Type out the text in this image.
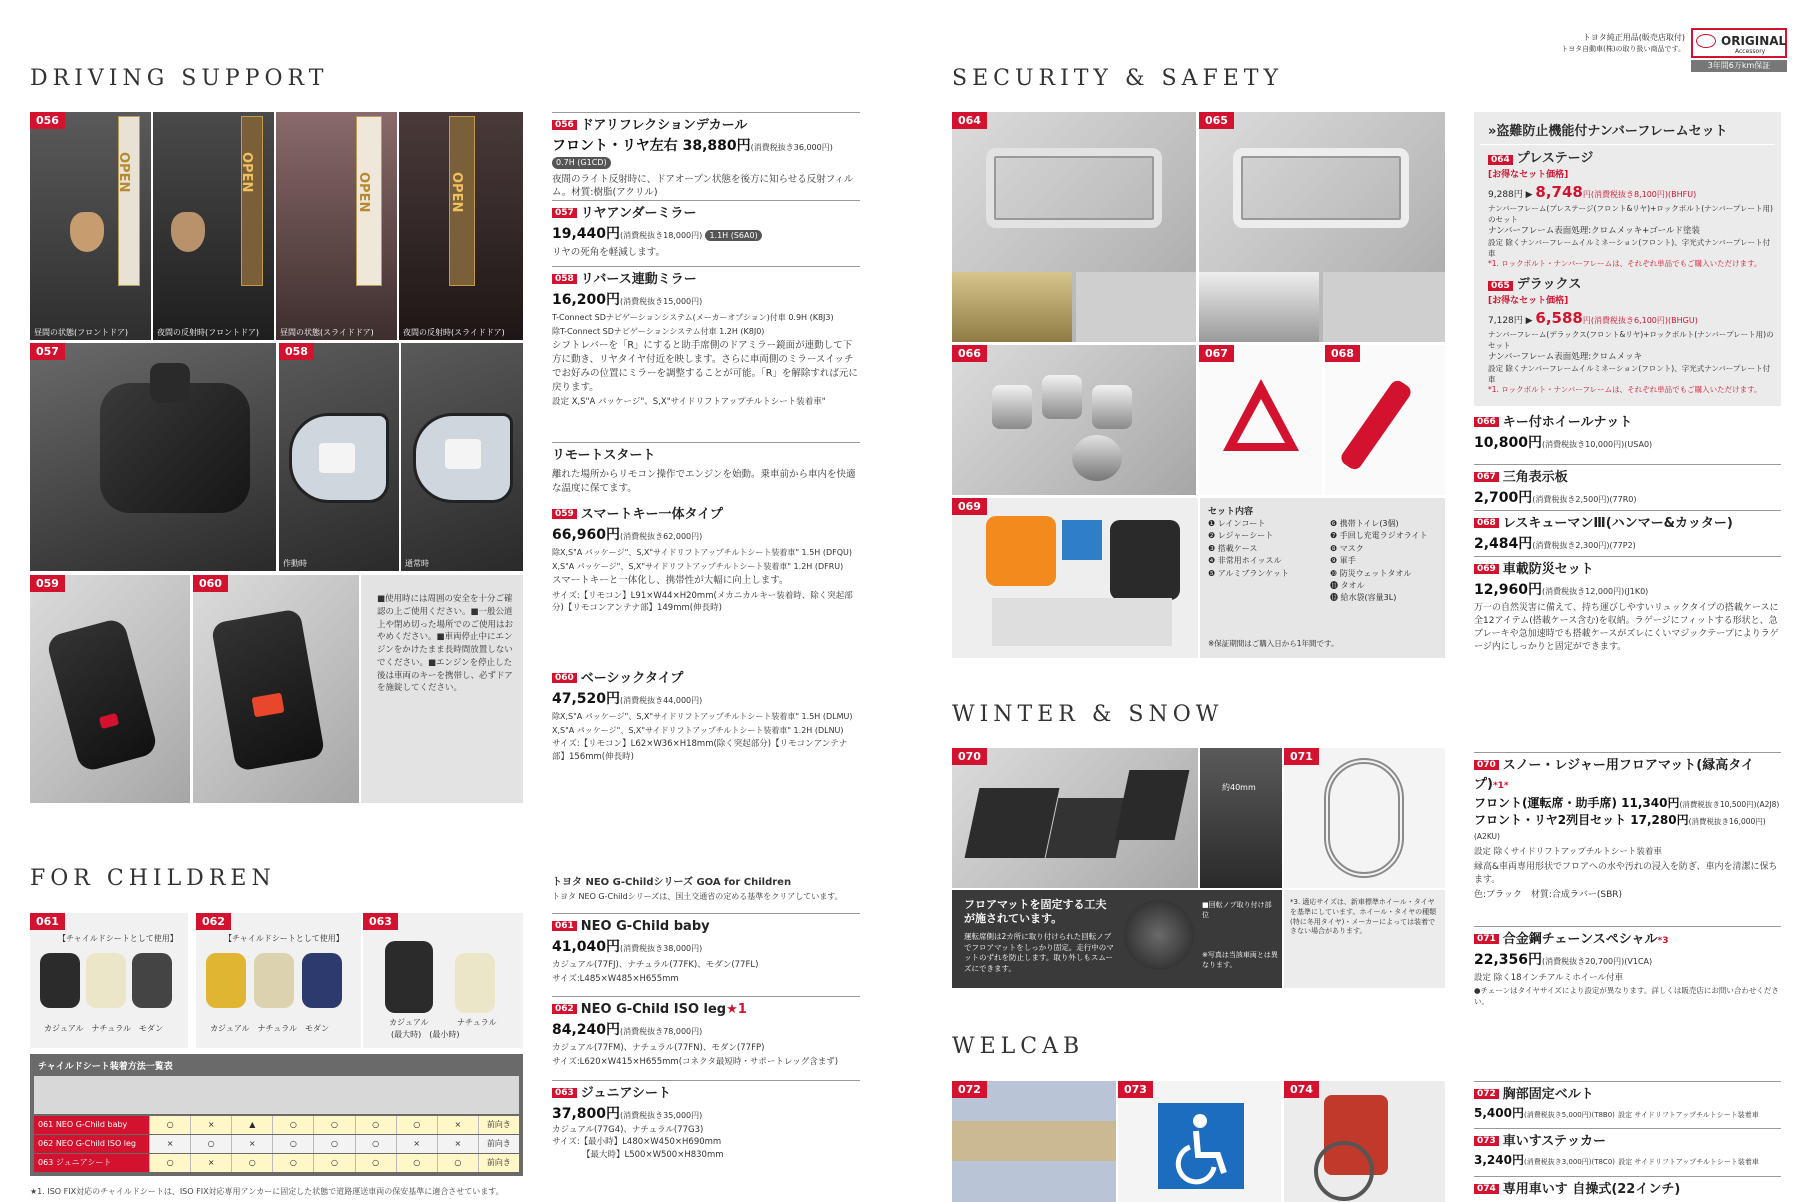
トヨタ純正用品(販売店取付)
トヨタ自動車(株)の取り扱い商品です。
ORIGINAL
Accessory
3年間6万km保証
DRIVING SUPPORT	SECURITY & SAFETY
FOR CHILDREN
WINTER & SNOW
WELCAB
OPEN
056
昼間の状態(フロントドア)
OPEN
夜間の反射時(フロントドア)
OPEN
昼間の状態(スライドドア)
OPEN
夜間の反射時(スライドドア)
057	058
作動時	通常時
059	060
■使用時には周囲の安全を十分ご確認の上ご使用ください。■一般公道上や閉め切った場所でのご使用はおやめください。■車両停止中にエンジンをかけたまま長時間放置しないでください。■エンジンを停止した後は車両のキーを携帯し、必ずドアを施錠してください。
【チャイルドシートとして使用】
カジュアル　ナチュラル　モダン
061
【チャイルドシートとして使用】
カジュアル　ナチュラル　モダン
062
カジュアル	ナチュラル
(最大時)　(最小時)
063
チャイルドシート装着方法一覧表
061 NEO G-Child baby	○	×	▲	○	○	○	○	×	前向き
062 NEO G-Child ISO leg	×	○	×	○	○	○	×	×	前向き
063 ジュニアシート	○	×	○	○	○	○	○	○	前向き
★1. ISO FIX対応のチャイルドシートは、ISO FIX対応専用アンカーに固定した状態で道路運送車両の保安基準に適合させています。
056 ドアリフレクションデカール
フロント・リヤ左右 38,880円(消費税抜き36,000円) 0.7H (G1CD)

夜間のライト反射時に、ドアオープン状態を後方に知らせる反射フィルム。材質:樹脂(アクリル)

057 リヤアンダーミラー
19,440円(消費税抜き18,000円) 1.1H (S6A0)

リヤの死角を軽減します。

058 リバース連動ミラー
16,200円(消費税抜き15,000円)

T-Connect SDナビゲーションシステム(メーカーオプション)付車 0.9H (K8J3)

除T-Connect SDナビゲーションシステム付車 1.2H (K8J0)

シフトレバーを「R」にすると助手席側のドアミラー鏡面が連動して下方に動き、リヤタイヤ付近を映します。さらに車両側のミラースイッチでお好みの位置にミラーを調整することが可能。「R」を解除すれば元に戻ります。

設定 X,S"A パッケージ"、S,X"サイドリフトアップチルトシート装着車"

リモートスタート

離れた場所からリモコン操作でエンジンを始動。乗車前から車内を快適な温度に保てます。

059 スマートキー一体タイプ
66,960円(消費税抜き62,000円)

除X,S"A パッケージ"、S,X"サイドリフトアップチルトシート装着車" 1.5H (DFQU)

X,S"A パッケージ"、S,X"サイドリフトアップチルトシート装着車" 1.2H (DFRU)

スマートキーと一体化し、携帯性が大幅に向上します。

サイズ:【リモコン】L91×W44×H20mm(メカニカルキー装着時、除く突起部分)【リモコンアンテナ部】149mm(伸長時)

060 ベーシックタイプ
47,520円(消費税抜き44,000円)

除X,S"A パッケージ"、S,X"サイドリフトアップチルトシート装着車" 1.5H (DLMU)

X,S"A パッケージ"、S,X"サイドリフトアップチルトシート装着車" 1.2H (DLNU)

サイズ:【リモコン】L62×W36×H18mm(除く突起部分)【リモコンアンテナ部】156mm(伸長時)

トヨタ NEO G-Childシリーズ GOA for Children
トヨタ NEO G-Childシリーズは、国土交通省の定める基準をクリアしています。
061 NEO G-Child baby
41,040円(消費税抜き38,000円)

カジュアル(77FJ)、ナチュラル(77FK)、モダン(77FL)

サイズ:L485×W485×H655mm

062 NEO G-Child ISO leg★1
84,240円(消費税抜き78,000円)

カジュアル(77FM)、ナチュラル(77FN)、モダン(77FP)

サイズ:L620×W415×H655mm(コネクタ最短時・サポートレッグ含まず)

063 ジュニアシート
37,800円(消費税抜き35,000円)

カジュアル(77G4)、ナチュラル(77G3)

サイズ:【最小時】L480×W450×H690mm

【最大時】L500×W500×H830mm

064	065
066	067	068
069	セット内容
❶ レインコート
❷ レジャーシート
❸ 搭載ケース
❹ 非常用ホイッスル
❺ アルミブランケット
❻ 携帯トイレ(3個)
❼ 手回し充電ラジオライト
❽ マスク
❾ 軍手
❿ 防災ウェットタオル
⓫ タオル
⓬ 給水袋(容量3L)
※保証期間はご購入日から1年間です。
070
約40mm
071
フロアマットを固定する工夫が施されています。
運転席側は2カ所に取り付けられた回転ノブでフロアマットをしっかり固定。走行中のマットのずれを防止します。取り外しもスムーズにできます。
■回転ノブ取り付け部位
※写真は当該車両とは異なります。
*3. 適応サイズは、新車標準ホイール・タイヤを基準にしています。ホイール・タイヤの種類(特に冬用タイヤ)・メーカーによっては装着できない場合があります。
072	073	074
»盗難防止機能付ナンバーフレームセット
064 プレステージ
[お得なセット価格]
9,288円 ▶ 8,748円(消費税抜き8,100円)(BHFU)
ナンバーフレーム(プレステージ(フロント&リヤ)+ロックボルト(ナンバープレート用)のセット
ナンバーフレーム表面処理:クロムメッキ+ゴールド塗装
設定 除くナンバーフレームイルミネーション(フロント)、字光式ナンバープレート付車
*1. ロックボルト・ナンバーフレームは、それぞれ単品でもご購入いただけます。
065 デラックス
[お得なセット価格]
7,128円 ▶ 6,588円(消費税抜き6,100円)(BHGU)
ナンバーフレーム(デラックス(フロント&リヤ)+ロックボルト(ナンバープレート用)のセット
ナンバーフレーム表面処理:クロムメッキ
設定 除くナンバーフレームイルミネーション(フロント)、字光式ナンバープレート付車
*1. ロックボルト・ナンバーフレームは、それぞれ単品でもご購入いただけます。
066 キー付ホイールナット
10,800円(消費税抜き10,000円)(USA0)
067 三角表示板
2,700円(消費税抜き2,500円)(77R0)
068 レスキューマンⅢ(ハンマー&カッター)
2,484円(消費税抜き2,300円)(77P2)
069 車載防災セット
12,960円(消費税抜き12,000円)(J1K0)

万一の自然災害に備えて、持ち運びしやすいリュックタイプの搭載ケースに全12アイテム(搭載ケース含む)を収納。ラゲージにフィットする形状と、急ブレーキや急加速時でも搭載ケースがズレにくいマジックテープによりラゲージ内にしっかりと固定ができます。

070 スノー・レジャー用フロアマット(縁高タイプ)*1*
フロント(運転席・助手席) 11,340円(消費税抜き10,500円)(A2J8)
フロント・リヤ2列目セット 17,280円(消費税抜き16,000円)(A2KU)

設定 除くサイドリフトアップチルトシート装着車

縁高&車両専用形状でフロアへの水や汚れの浸入を防ぎ、車内を清潔に保ちます。

色:ブラック　材質:合成ラバー(SBR)

071 合金鋼チェーンスペシャル*3
22,356円(消費税抜き20,700円)(V1CA)

設定 除く18インチアルミホイール付車

●チェーンはタイヤサイズにより設定が異なります。詳しくは販売店にお問い合わせください。

072 胸部固定ベルト
5,400円(消費税抜き5,000円)(T8B0) 設定 サイドリフトアップチルトシート装着車
073 車いすステッカー
3,240円(消費税抜き3,000円)(T8C0) 設定 サイドリフトアップチルトシート装着車
074 専用車いす 自操式(22インチ)
